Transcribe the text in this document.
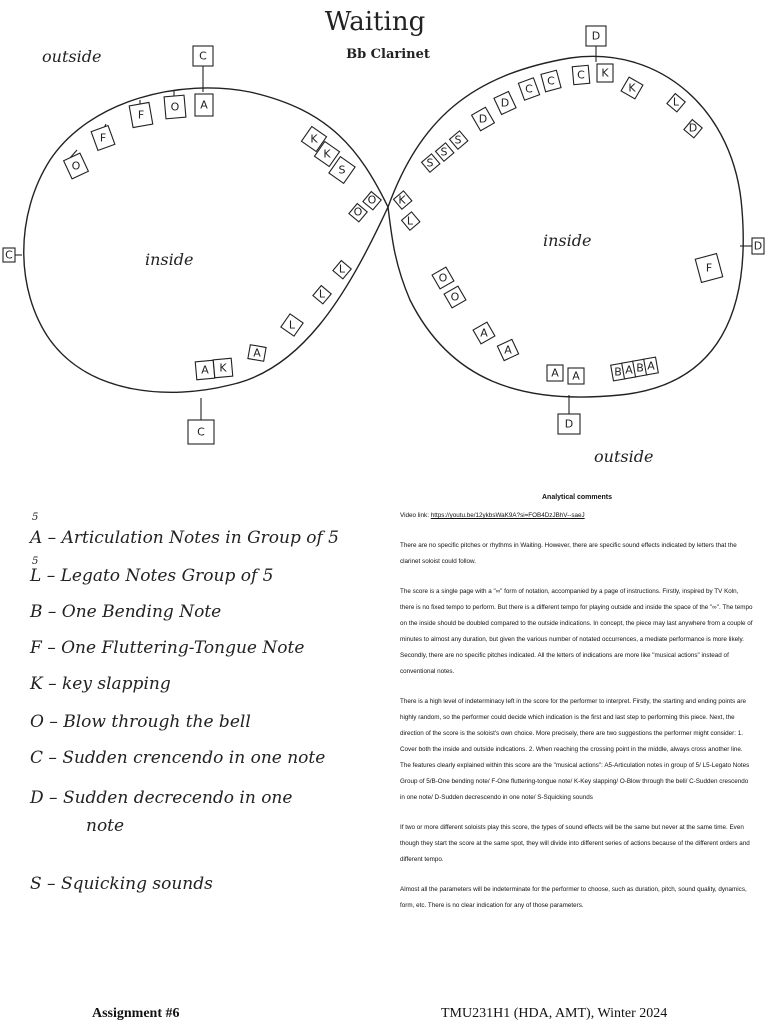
Waiting
Bb Clarinet
outside
outside
inside
inside
C
C
D
D
C
D
O
F
F
O A
K
K
S
O
O
L
L
L
A
A K
D
D
C
C C K
K
L
S
S
S
D
K
L
F
O
O
A
A
A A	B A B A
5
A – Articulation Notes in Group of 5
5
L – Legato Notes Group of 5
B – One Bending Note
F – One Fluttering-Tongue Note
K – key slapping
O – Blow through the bell
C – Sudden crencendo in one note
D – Sudden decrecendo in one
note
S – Squicking sounds
Analytical comments

Video link: https://youtu.be/12ykbsWaK9A?si=FOB4DzJBhV--saeJ

There are no specific pitches or rhythms in Waiting. However, there are specific sound effects indicated by letters that the clarinet soloist could follow.

The score is a single page with a "∞" form of notation, accompanied by a page of instructions. Firstly, inspired by TV Koln, there is no fixed tempo to perform. But there is a different tempo for playing outside and inside the space of the "∞". The tempo on the inside should be doubled compared to the outside indications. In concept, the piece may last anywhere from a couple of minutes to almost any duration, but given the various number of notated occurrences, a mediate performance is more likely. Secondly, there are no specific pitches indicated. All the letters of indications are more like "musical actions" instead of conventional notes.

There is a high level of indeterminacy left in the score for the performer to interpret. Firstly, the starting and ending points are highly random, so the performer could decide which indication is the first and last step to performing this piece. Next, the direction of the score is the soloist's own choice. More precisely, there are two suggestions the performer might consider: 1. Cover both the inside and outside indications. 2. When reaching the crossing point in the middle, always cross another line. The features clearly explained within this score are the "musical actions": A5-Articulation notes in group of 5/ L5-Legato Notes Group of 5/B-One bending note/ F-One fluttering-tongue note/ K-Key slapping/ O-Blow through the bell/ C-Sudden crescendo in one note/ D-Sudden decrescendo in one note/ S-Squicking sounds

If two or more different soloists play this score, the types of sound effects will be the same but never at the same time. Even though they start the score at the same spot, they will divide into different series of actions because of the different orders and different tempo.

Almost all the parameters will be indeterminate for the performer to choose, such as duration, pitch, sound quality, dynamics, form, etc. There is no clear indication for any of those parameters.

Assignment #6	TMU231H1 (HDA, AMT), Winter 2024
